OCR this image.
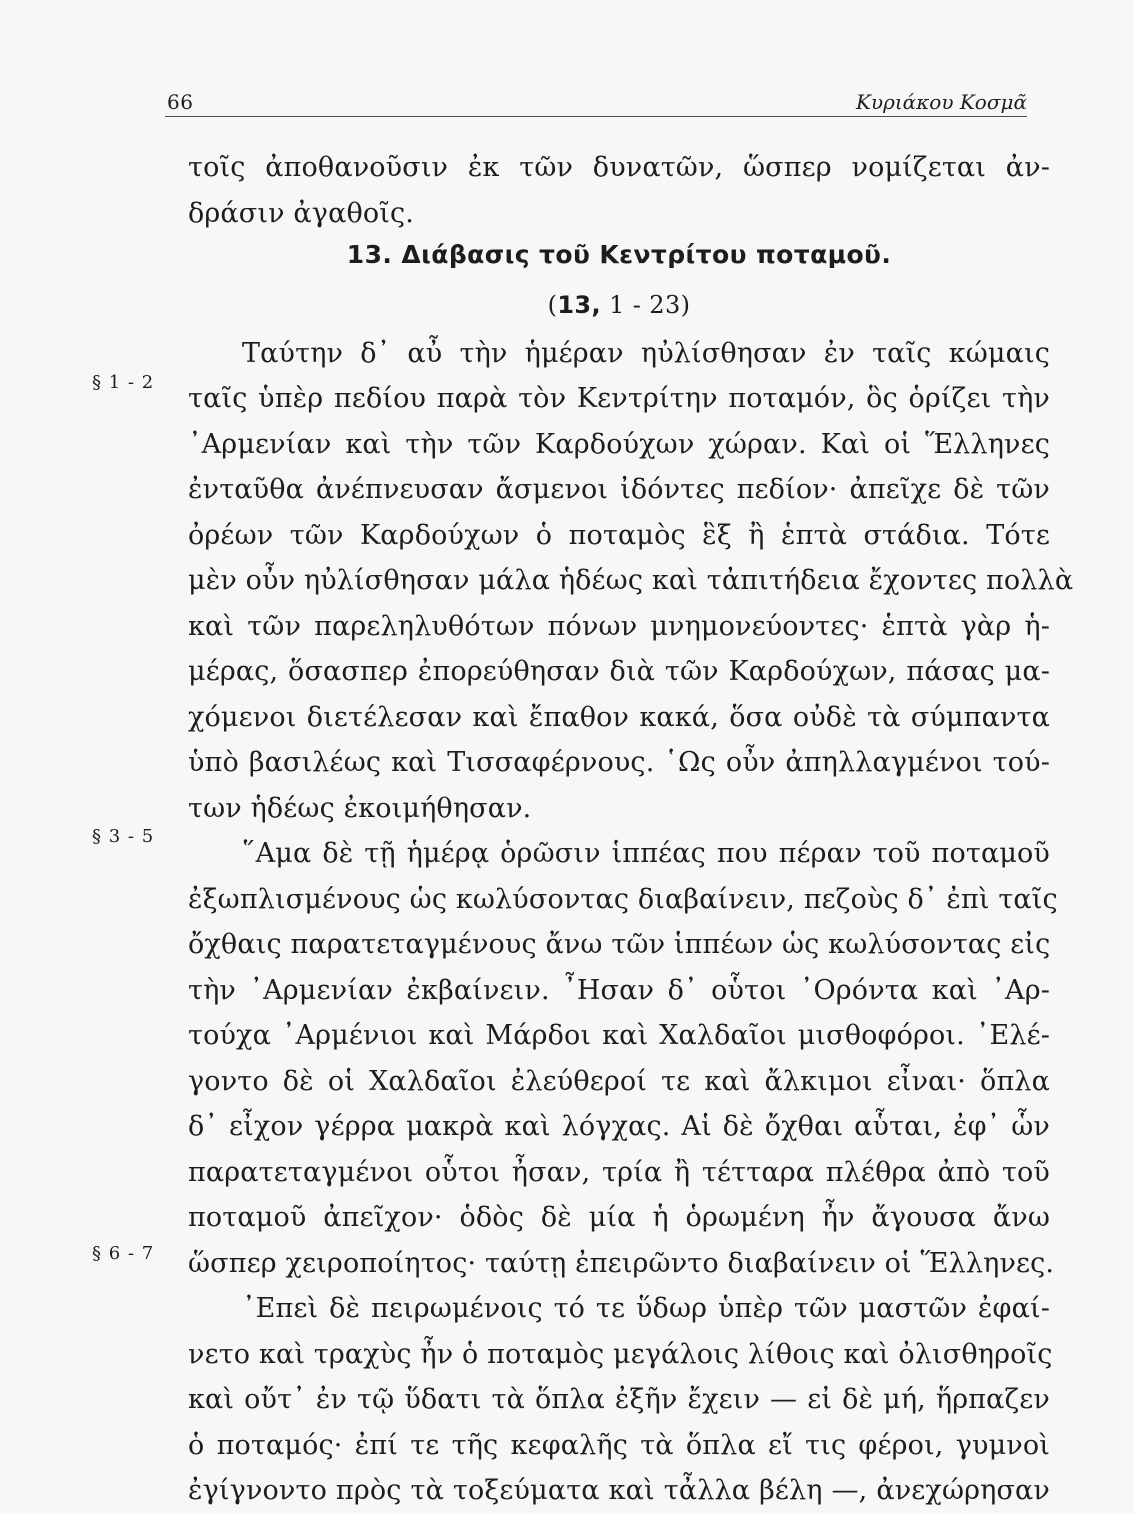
66	Κυριάκου Κοσμᾶ
§ 1 - 2
§ 3 - 5
§ 6 - 7
τοῖς ἀποθανοῦσιν ἐκ τῶν δυνατῶν, ὥσπερ νομίζεται ἀν-
δράσιν ἀγαθοῖς.
13. Διάβασις τοῦ Κεντρίτου ποταμοῦ.
(13, 1 - 23)
Ταύτην δ᾽ αὖ τὴν ἡμέραν ηὐλίσθησαν ἐν ταῖς κώμαις
ταῖς ὑπὲρ πεδίου παρὰ τὸν Κεντρίτην ποταμόν, ὃς ὁρίζει τὴν
᾽Αρμενίαν καὶ τὴν τῶν Καρδούχων χώραν. Καὶ οἱ Ἕλληνες
ἐνταῦθα ἀνέπνευσαν ἄσμενοι ἰδόντες πεδίον· ἀπεῖχε δὲ τῶν
ὀρέων τῶν Καρδούχων ὁ ποταμὸς ἓξ ἢ ἑπτὰ στάδια. Τότε
μὲν οὖν ηὐλίσθησαν μάλα ἡδέως καὶ τἀπιτήδεια ἔχοντες πολλὰ
καὶ τῶν παρεληλυθότων πόνων μνημονεύοντες· ἑπτὰ γὰρ ἡ-
μέρας, ὅσασπερ ἐπορεύθησαν διὰ τῶν Καρδούχων, πάσας μα-
χόμενοι διετέλεσαν καὶ ἔπαθον κακά, ὅσα οὐδὲ τὰ σύμπαντα
ὑπὸ βασιλέως καὶ Τισσαφέρνους. ῾Ως οὖν ἀπηλλαγμένοι τού-
των ἡδέως ἐκοιμήθησαν.
῞Αμα δὲ τῇ ἡμέρᾳ ὁρῶσιν ἱππέας που πέραν τοῦ ποταμοῦ
ἐξωπλισμένους ὡς κωλύσοντας διαβαίνειν, πεζοὺς δ᾽ ἐπὶ ταῖς
ὄχθαις παρατεταγμένους ἄνω τῶν ἱππέων ὡς κωλύσοντας εἰς
τὴν ᾽Αρμενίαν ἐκβαίνειν. ῏Ησαν δ᾽ οὗτοι ᾽Ορόντα καὶ ᾽Αρ-
τούχα ᾽Αρμένιοι καὶ Μάρδοι καὶ Χαλδαῖοι μισθοφόροι. ᾽Ελέ-
γοντο δὲ οἱ Χαλδαῖοι ἐλεύθεροί τε καὶ ἄλκιμοι εἶναι· ὅπλα
δ᾽ εἶχον γέρρα μακρὰ καὶ λόγχας. Αἱ δὲ ὄχθαι αὗται, ἐφ᾽ ὧν
παρατεταγμένοι οὗτοι ἦσαν, τρία ἢ τέτταρα πλέθρα ἀπὸ τοῦ
ποταμοῦ ἀπεῖχον· ὁδὸς δὲ μία ἡ ὁρωμένη ἦν ἄγουσα ἄνω
ὥσπερ χειροποίητος· ταύτῃ ἐπειρῶντο διαβαίνειν οἱ Ἕλληνες.
᾽Επεὶ δὲ πειρωμένοις τό τε ὕδωρ ὑπὲρ τῶν μαστῶν ἐφαί-
νετο καὶ τραχὺς ἦν ὁ ποταμὸς μεγάλοις λίθοις καὶ ὀλισθηροῖς
καὶ οὔτ᾽ ἐν τῷ ὕδατι τὰ ὅπλα ἐξῆν ἔχειν — εἰ δὲ μή, ἥρπαζεν
ὁ ποταμός· ἐπί τε τῆς κεφαλῆς τὰ ὅπλα εἴ τις φέροι, γυμνοὶ
ἐγίγνοντο πρὸς τὰ τοξεύματα καὶ τἆλλα βέλη —, ἀνεχώρησαν
